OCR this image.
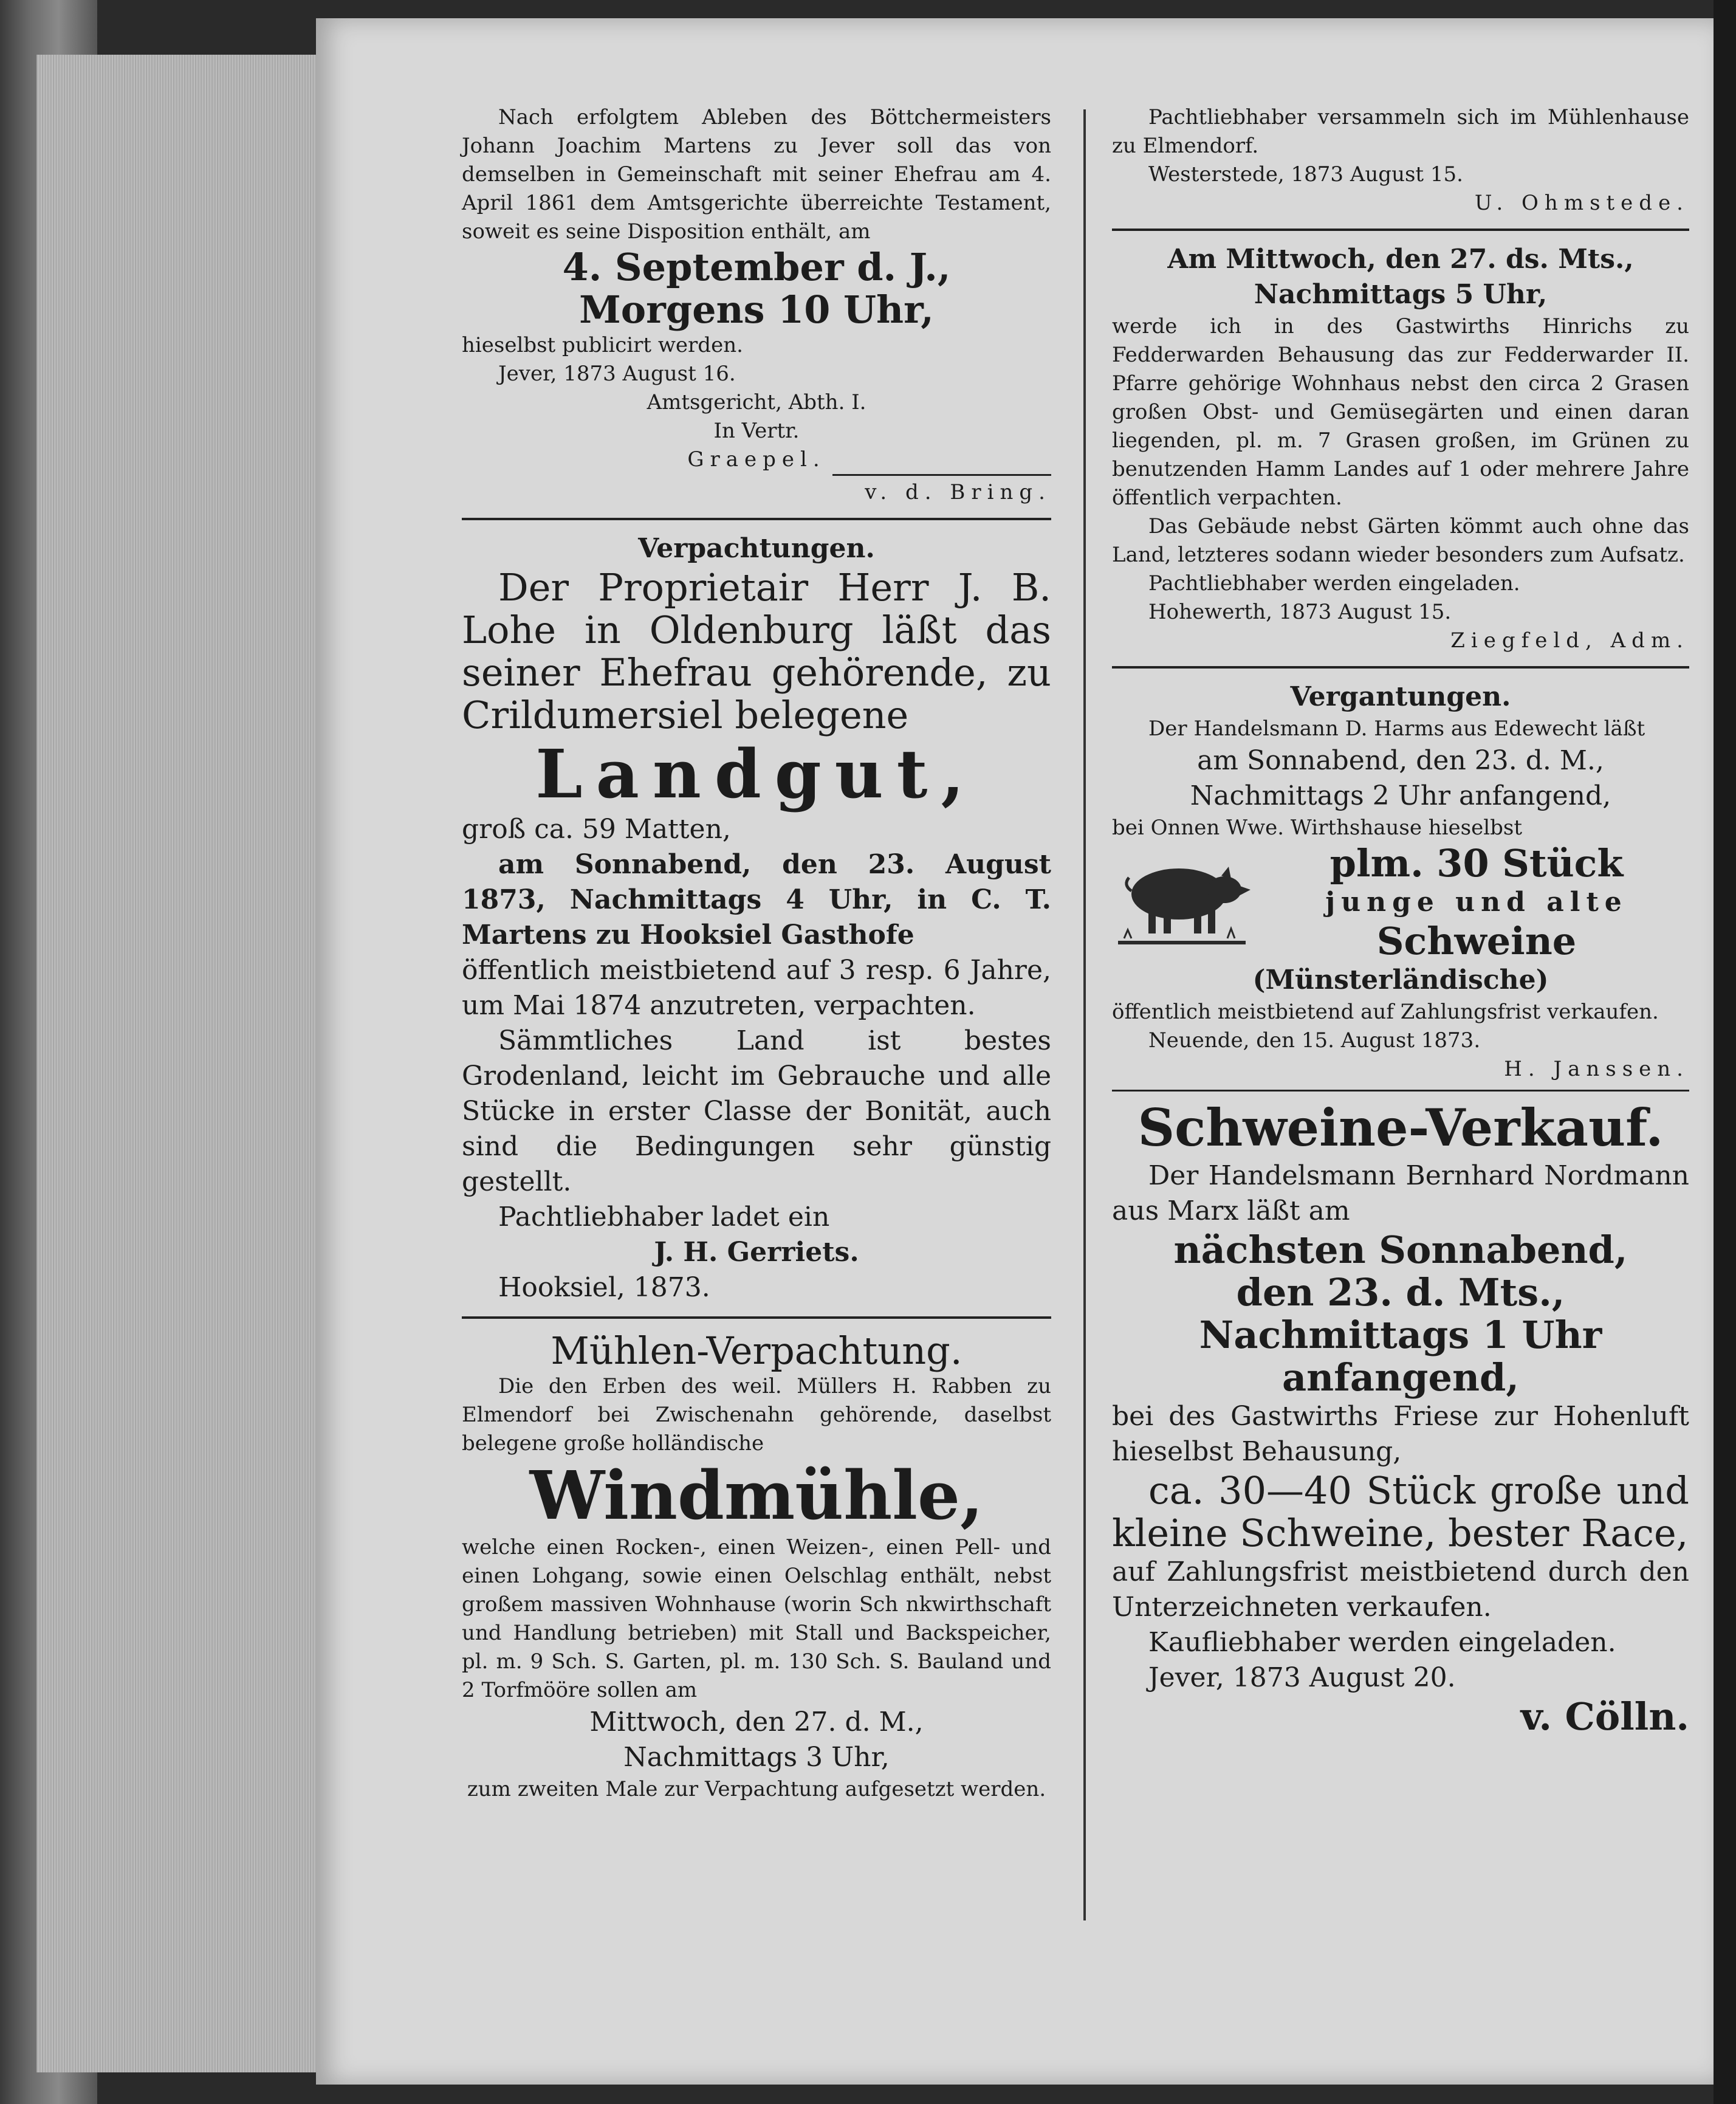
Nach erfolgtem Ableben des Böttchermeisters Johann Joachim Martens zu Jever soll das von demselben in Gemeinschaft mit seiner Ehefrau am 4. April 1861 dem Amtsgerichte überreichte Testament, soweit es seine Disposition enthält, am

4. September d. J.,

Morgens 10 Uhr,

hieselbst publicirt werden.

Jever, 1873 August 16.

Amtsgericht, Abth. I.

In Vertr.

Graepel.

v. d. Bring.

Verpachtungen.

Der Proprietair Herr J. B. Lohe in Oldenburg läßt das seiner Ehefrau gehörende, zu Crildumersiel belegene

Landgut,

groß ca. 59 Matten,

am Sonnabend, den 23. August 1873, Nachmittags 4 Uhr, in C. T. Martens zu Hooksiel Gasthofe

öffentlich meistbietend auf 3 resp. 6 Jahre, um Mai 1874 anzutreten, verpachten.

Sämmtliches Land ist bestes Grodenland, leicht im Gebrauche und alle Stücke in erster Classe der Bonität, auch sind die Bedingungen sehr günstig gestellt.

Pachtliebhaber ladet ein

J. H. Gerriets.

Hooksiel, 1873.

Mühlen-Verpachtung.

Die den Erben des weil. Müllers H. Rabben zu Elmendorf bei Zwischenahn gehörende, daselbst belegene große holländische

Windmühle,

welche einen Rocken-, einen Weizen-, einen Pell- und einen Lohgang, sowie einen Oelschlag enthält, nebst großem massiven Wohnhause (worin Sch nkwirthschaft und Handlung betrieben) mit Stall und Backspeicher, pl. m. 9 Sch. S. Garten, pl. m. 130 Sch. S. Bauland und 2 Torfmööre sollen am

Mittwoch, den 27. d. M.,

Nachmittags 3 Uhr,

zum zweiten Male zur Verpachtung aufgesetzt werden.

Pachtliebhaber versammeln sich im Mühlenhause zu Elmendorf.

Westerstede, 1873 August 15.

U. Ohmstede.

Am Mittwoch, den 27. ds. Mts.,

Nachmittags 5 Uhr,

werde ich in des Gastwirths Hinrichs zu Fedderwarden Behausung das zur Fedderwarder II. Pfarre gehörige Wohnhaus nebst den circa 2 Grasen großen Obst- und Gemüsegärten und einen daran liegenden, pl. m. 7 Grasen großen, im Grünen zu benutzenden Hamm Landes auf 1 oder mehrere Jahre öffentlich verpachten.

Das Gebäude nebst Gärten kömmt auch ohne das Land, letzteres sodann wieder besonders zum Aufsatz.

Pachtliebhaber werden eingeladen.

Hohewerth, 1873 August 15.

Ziegfeld, Adm.

Vergantungen.

Der Handelsmann D. Harms aus Edewecht läßt

am Sonnabend, den 23. d. M.,

Nachmittags 2 Uhr anfangend,

bei Onnen Wwe. Wirthshause hieselbst

plm. 30 Stück

junge und alte

Schweine

(Münsterländische)

öffentlich meistbietend auf Zahlungsfrist verkaufen.

Neuende, den 15. August 1873.

H. Janssen.

Schweine-Verkauf.

Der Handelsmann Bernhard Nordmann aus Marx läßt am

nächsten Sonnabend,

den 23. d. Mts.,

Nachmittags 1 Uhr

anfangend,

bei des Gastwirths Friese zur Hohenluft hieselbst Behausung,

ca. 30—40 Stück große und kleine Schweine, bester Race,

auf Zahlungsfrist meistbietend durch den Unterzeichneten verkaufen.

Kaufliebhaber werden eingeladen.

Jever, 1873 August 20.

v. Cölln.
